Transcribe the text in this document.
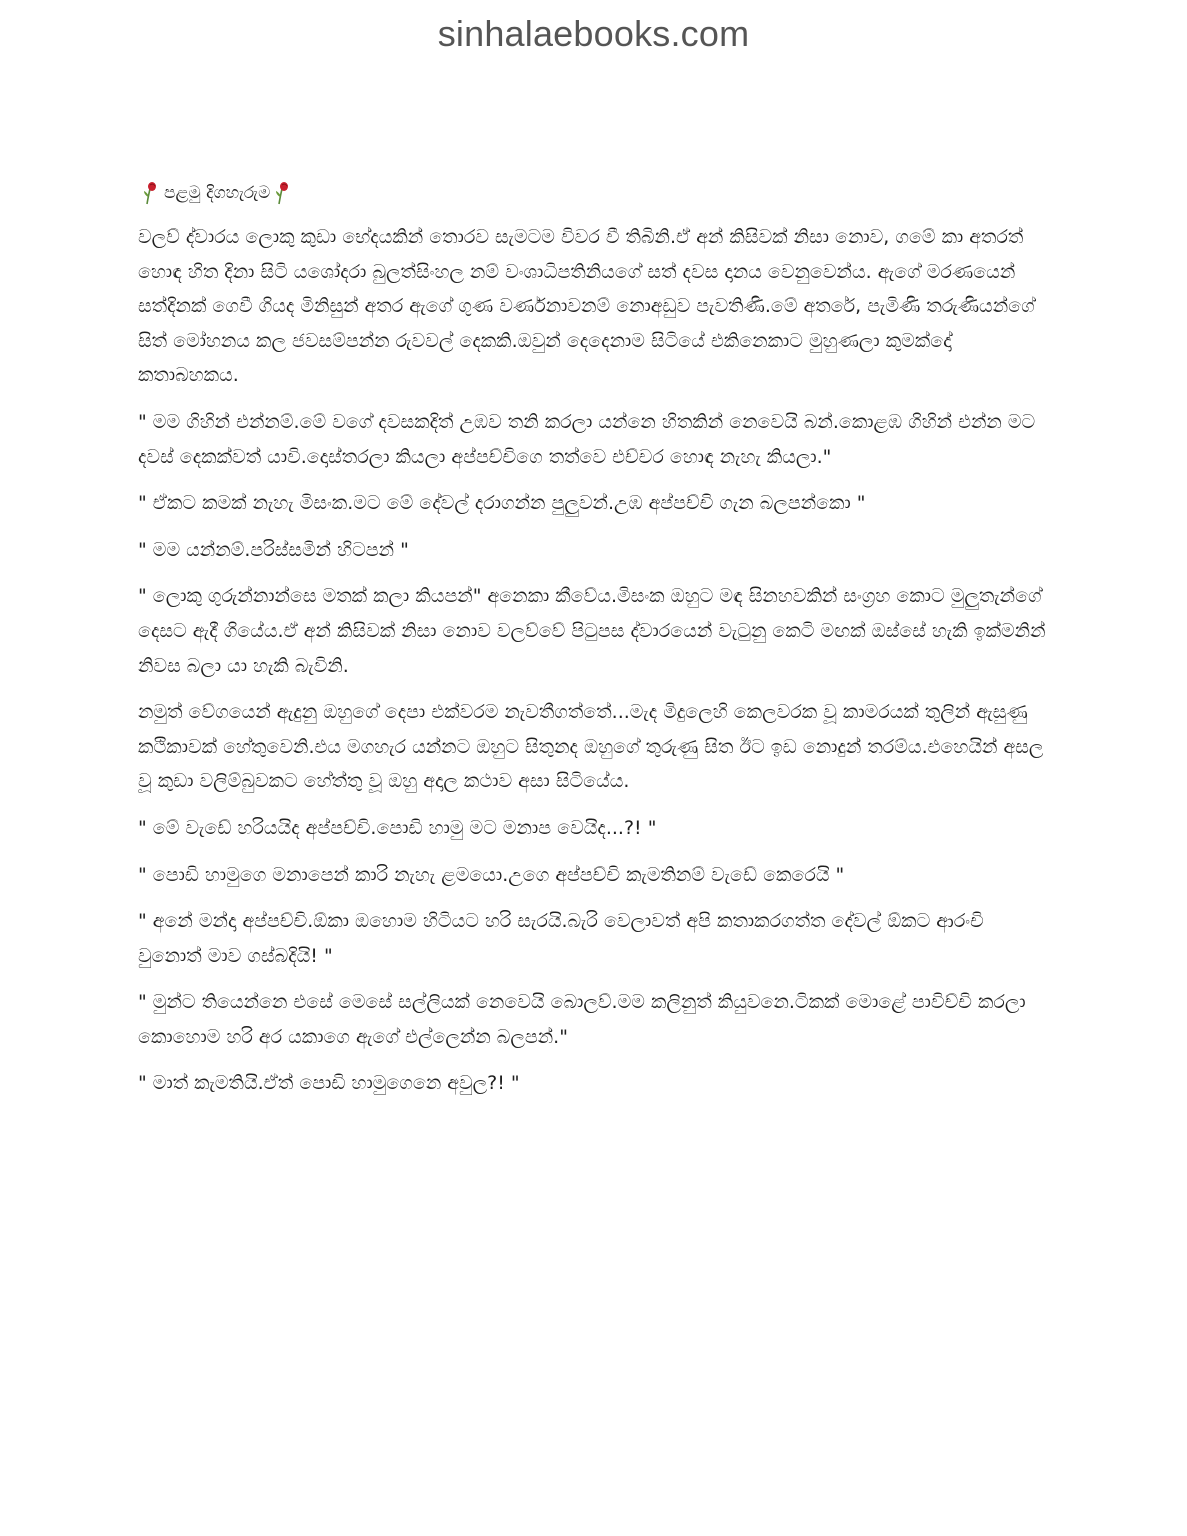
sinhalaebooks.com
පළමු දිගහැරුම

වලව් ද්වාරය ලොකු කුඩා භේදයකින් තොරව සැමටම විවර වී තිබිනි.ඒ අන් කිසිවක් නිසා නොව, ගමේ කා අතරත් හොඳ හිත දිනා සිටි යශෝදරා බුලත්සිංහල නම් වංශාධිපතිනියගේ සත් දවස දානය වෙනුවෙන්ය. ඇගේ මරණයෙන් සත්දිනක් ගෙවී ගියද මිනිසුන් අතර ඇගේ ගුණ වර්ණනාවනම් නොඅඩුව පැවතිණි.මේ අතරේ, පැමිණි තරුණියන්ගේ සිත් මෝහනය කල ජවසම්පන්න රුවවල් දෙකකි.ඔවුන් දෙදෙනාම සිටියේ එකිනෙකාට මුහුණලා කුමක්දෝ කතාබහකය.

" මම ගිහින් එන්නම්.මේ වගේ දවසකදිත් උඹව තනි කරලා යන්නෙ හිතකින් නෙවෙයි බන්.කොළඹ ගිහින් එන්න මට දවස් දෙකක්වත් යාවි.දොස්තරලා කියලා අප්පච්චිගෙ තත්වෙ එච්චර හොඳ නැහැ කියලා."

" ඒකට කමක් නැහැ මිසංක.මට මේ දේවල් දරාගන්න පුලුවන්.උඹ අප්පච්චි ගැන බලපන්කො "

" මම යන්නම්.පරිස්සමින් හිටපන් "

" ලොකු ගුරුන්නාන්සෙ මතක් කලා කියපන්" අනෙකා කීවේය.මිසංක ඔහුට මඳ සිනහවකින් සංග්‍රහ කොට මුලුතැන්ගේ දෙසට ඇදී ගියේය.ඒ අන් කිසිවක් නිසා නොව වලව්වේ පිටුපස ද්වාරයෙන් වැටුනු කෙටි මඟක් ඔස්සේ හැකි ඉක්මනින් නිවස බලා යා හැකි බැවිනි.

නමුත් වේගයෙන් ඇදුනු ඔහුගේ දෙපා එක්වරම නැවතීගත්තේ...මැද මිදුලෙහි කෙලවරක වූ කාමරයක් තුලින් ඇසුණු කථිකාවක් හේතුවෙනි.එය මගහැර යන්නට ඔහුට සිතුනද ඔහුගේ තුරුණු සිත ඊට ඉඩ නොදුන් තරම්ය.එහෙයින් අසල වූ කුඩා වලිම්බුවකට හේත්තු වූ ඔහු අදාල කථාව අසා සිටියේය.

" මේ වැඩේ හරියයිද අප්පච්චි.පොඩි හාමු මට මනාප වෙයිද...?! "

" පොඩි හාමුගෙ මනාපෙන් කාරි නැහැ ළමයො.උගෙ අප්පච්චි කැමතිනම් වැඩේ කෙරෙයි "

" අනේ මන්දා අප්පච්චි.ඕකා ඔහොම හිටියට හරි සැරයි.බැරි වෙලාවත් අපි කතාකරගත්ත දේවල් ඕකට ආරංචි වුනොත් මාව ගස්බදියි! "

" මුන්ට තියෙන්නෙ එසේ මෙසේ සල්ලියක් නෙවෙයි බොලව්.මම කලිනුත් කියුවනෙ.ටිකක් මොළේ පාවිච්චි කරලා කොහොම හරි අර යකාගෙ ඇගේ එල්ලෙන්න බලපන්."

" මාත් කැමතියි.ඒත් පොඩි හාමුගෙනෙ අවුල?! "
